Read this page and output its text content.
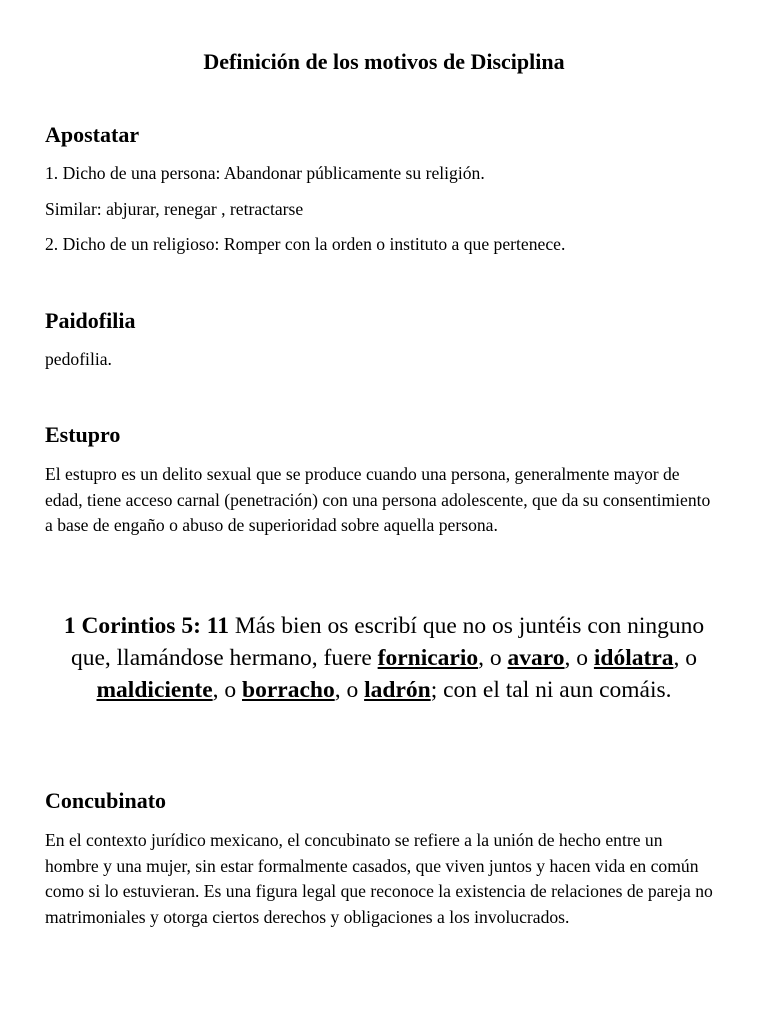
Definición de los motivos de Disciplina
Apostatar

1. Dicho de una persona: Abandonar públicamente su religión.

Similar: abjurar, renegar , retractarse

2. Dicho de un religioso: Romper con la orden o instituto a que pertenece.

Paidofilia

pedofilia.

Estupro

El estupro es un delito sexual que se produce cuando una persona, generalmente mayor de edad, tiene acceso carnal (penetración) con una persona adolescente, que da su consentimiento a base de engaño o abuso de superioridad sobre aquella persona.

1 Corintios 5: 11 Más bien os escribí que no os juntéis con ninguno que, llamándose hermano, fuere fornicario, o avaro, o idólatra, o maldiciente, o borracho, o ladrón; con el tal ni aun comáis.

Concubinato

En el contexto jurídico mexicano, el concubinato se refiere a la unión de hecho entre un hombre y una mujer, sin estar formalmente casados, que viven juntos y hacen vida en común como si lo estuvieran. Es una figura legal que reconoce la existencia de relaciones de pareja no matrimoniales y otorga ciertos derechos y obligaciones a los involucrados.
